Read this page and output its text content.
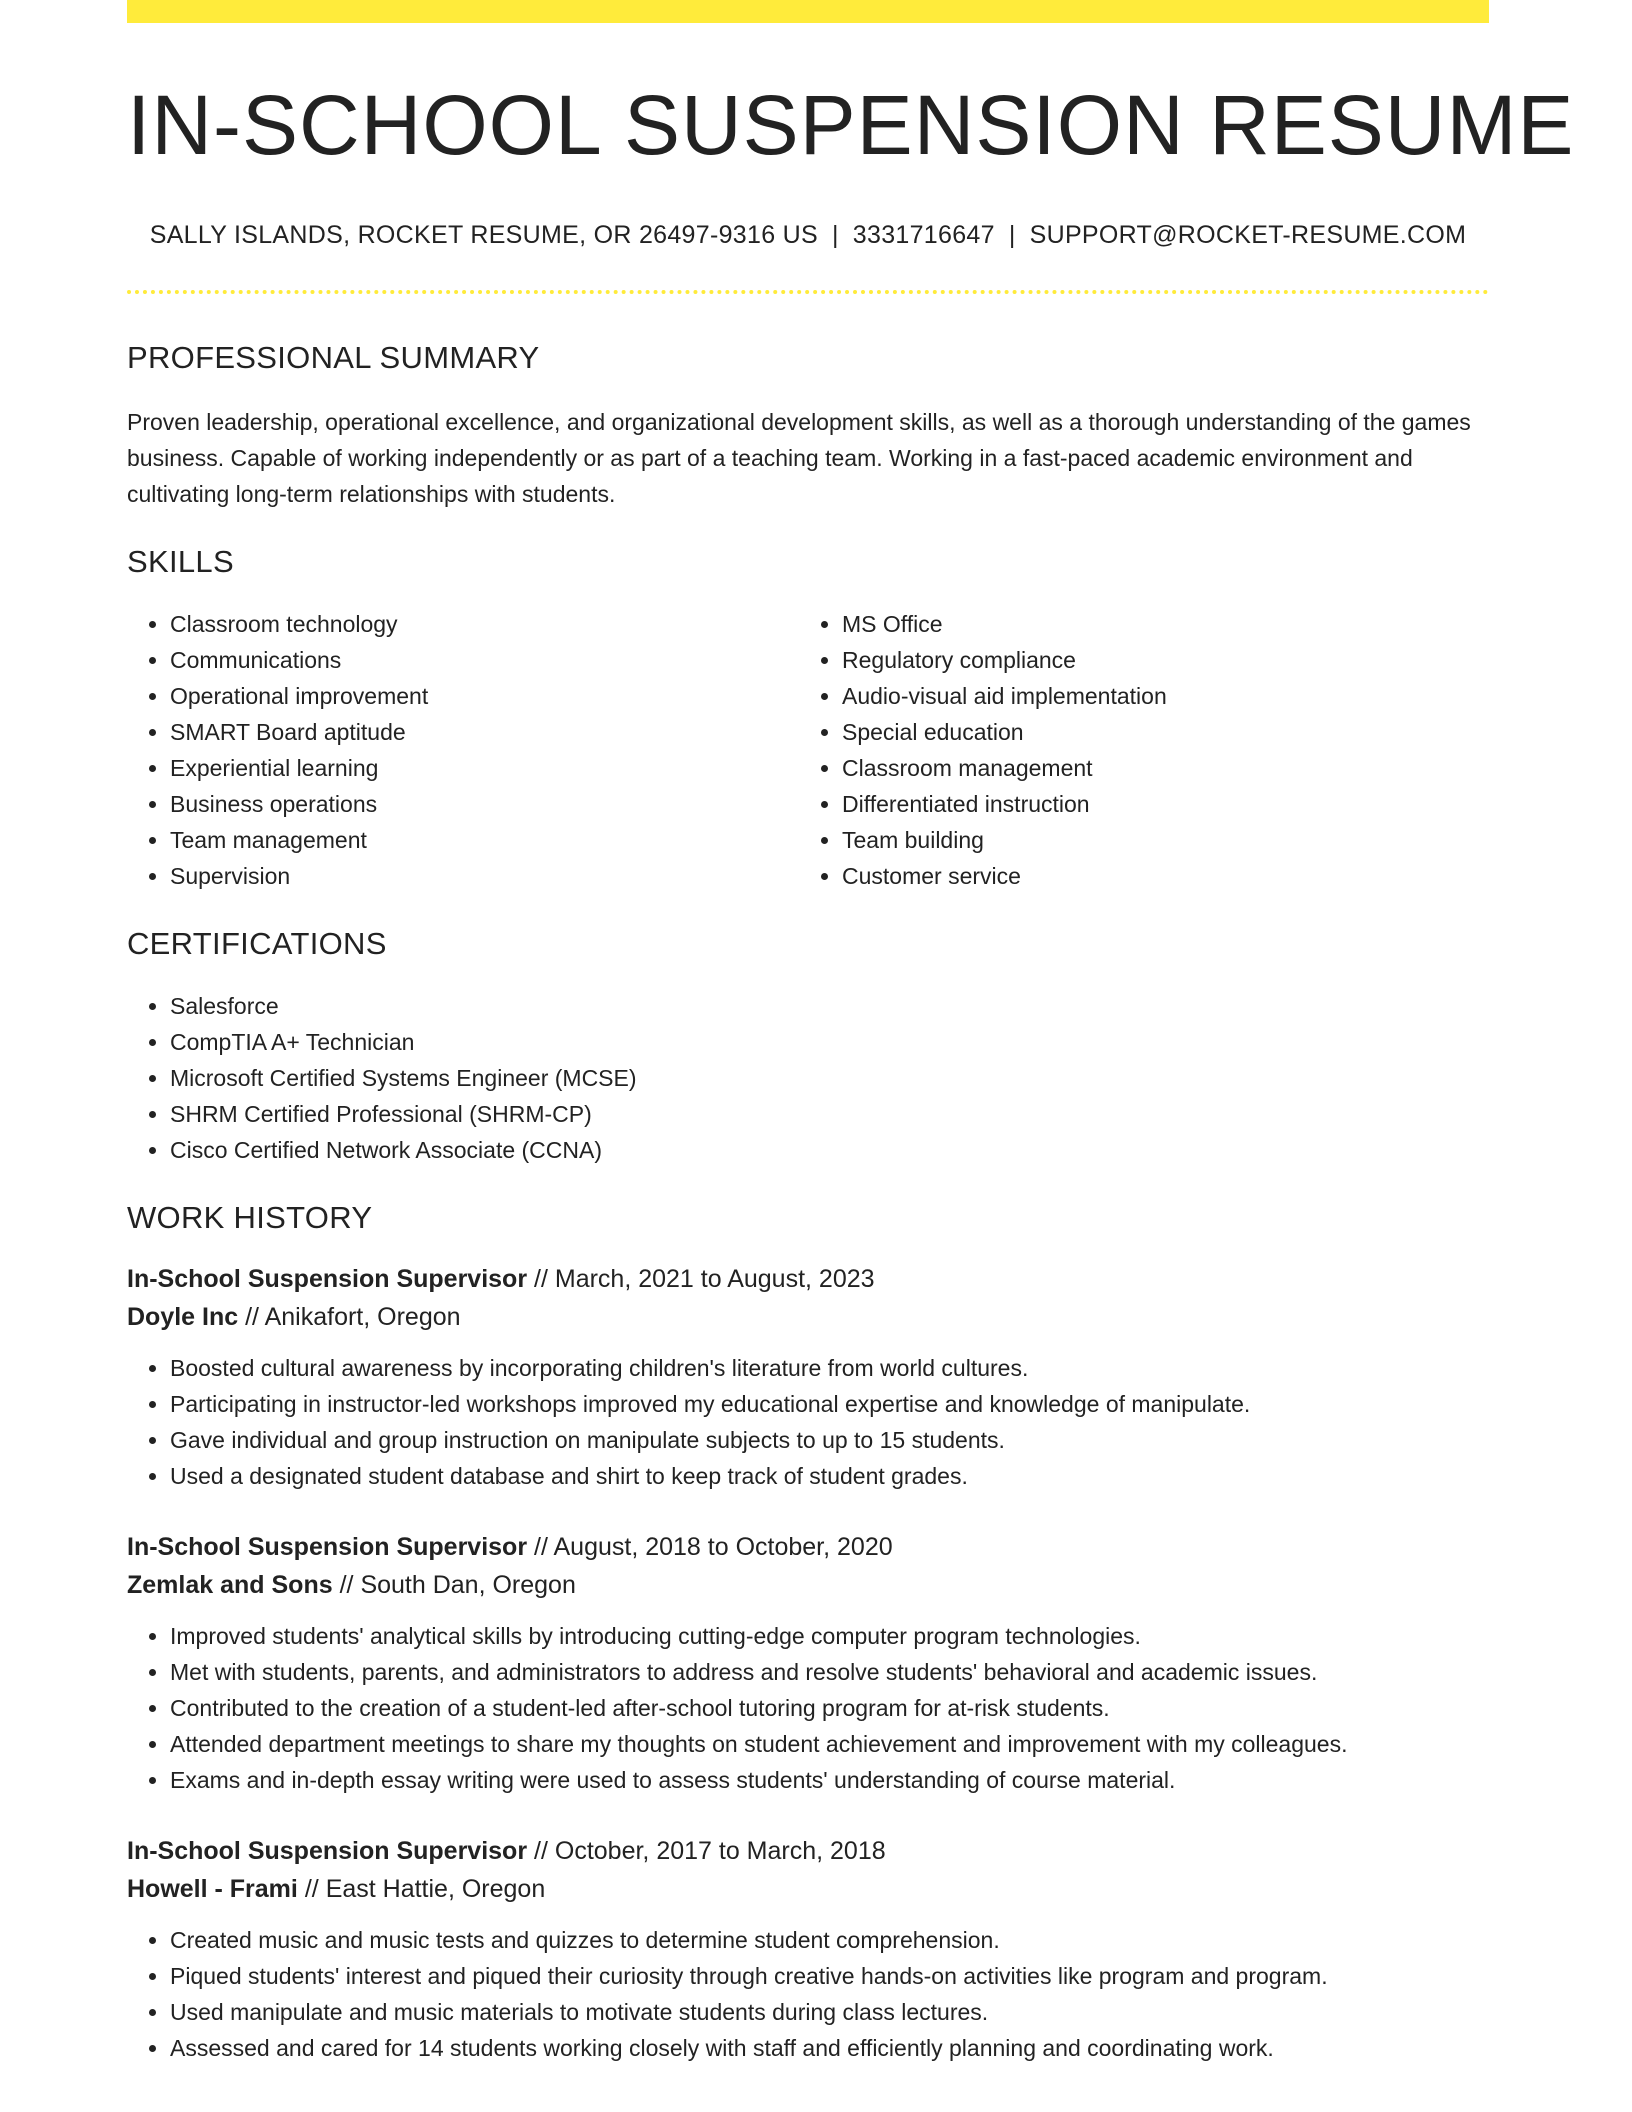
IN-SCHOOL SUSPENSION RESUME
SALLY ISLANDS, ROCKET RESUME, OR 26497-9316 US | 3331716647 | SUPPORT@ROCKET-RESUME.COM
PROFESSIONAL SUMMARY
Proven leadership, operational excellence, and organizational development skills, as well as a thorough understanding of the games business. Capable of working independently or as part of a teaching team. Working in a fast-paced academic environment and cultivating long-term relationships with students.
SKILLS
• Classroom technology
• Communications
• Operational improvement
• SMART Board aptitude
• Experiential learning
• Business operations
• Team management
• Supervision
• MS Office
• Regulatory compliance
• Audio-visual aid implementation
• Special education
• Classroom management
• Differentiated instruction
• Team building
• Customer service
CERTIFICATIONS
• Salesforce
• CompTIA A+ Technician
• Microsoft Certified Systems Engineer (MCSE)
• SHRM Certified Professional (SHRM-CP)
• Cisco Certified Network Associate (CCNA)
WORK HISTORY
In-School Suspension Supervisor // March, 2021 to August, 2023
Doyle Inc // Anikafort, Oregon
• Boosted cultural awareness by incorporating children's literature from world cultures.
• Participating in instructor-led workshops improved my educational expertise and knowledge of manipulate.
• Gave individual and group instruction on manipulate subjects to up to 15 students.
• Used a designated student database and shirt to keep track of student grades.
In-School Suspension Supervisor // August, 2018 to October, 2020
Zemlak and Sons // South Dan, Oregon
• Improved students' analytical skills by introducing cutting-edge computer program technologies.
• Met with students, parents, and administrators to address and resolve students' behavioral and academic issues.
• Contributed to the creation of a student-led after-school tutoring program for at-risk students.
• Attended department meetings to share my thoughts on student achievement and improvement with my colleagues.
• Exams and in-depth essay writing were used to assess students' understanding of course material.
In-School Suspension Supervisor // October, 2017 to March, 2018
Howell - Frami // East Hattie, Oregon
• Created music and music tests and quizzes to determine student comprehension.
• Piqued students' interest and piqued their curiosity through creative hands-on activities like program and program.
• Used manipulate and music materials to motivate students during class lectures.
• Assessed and cared for 14 students working closely with staff and efficiently planning and coordinating work.
